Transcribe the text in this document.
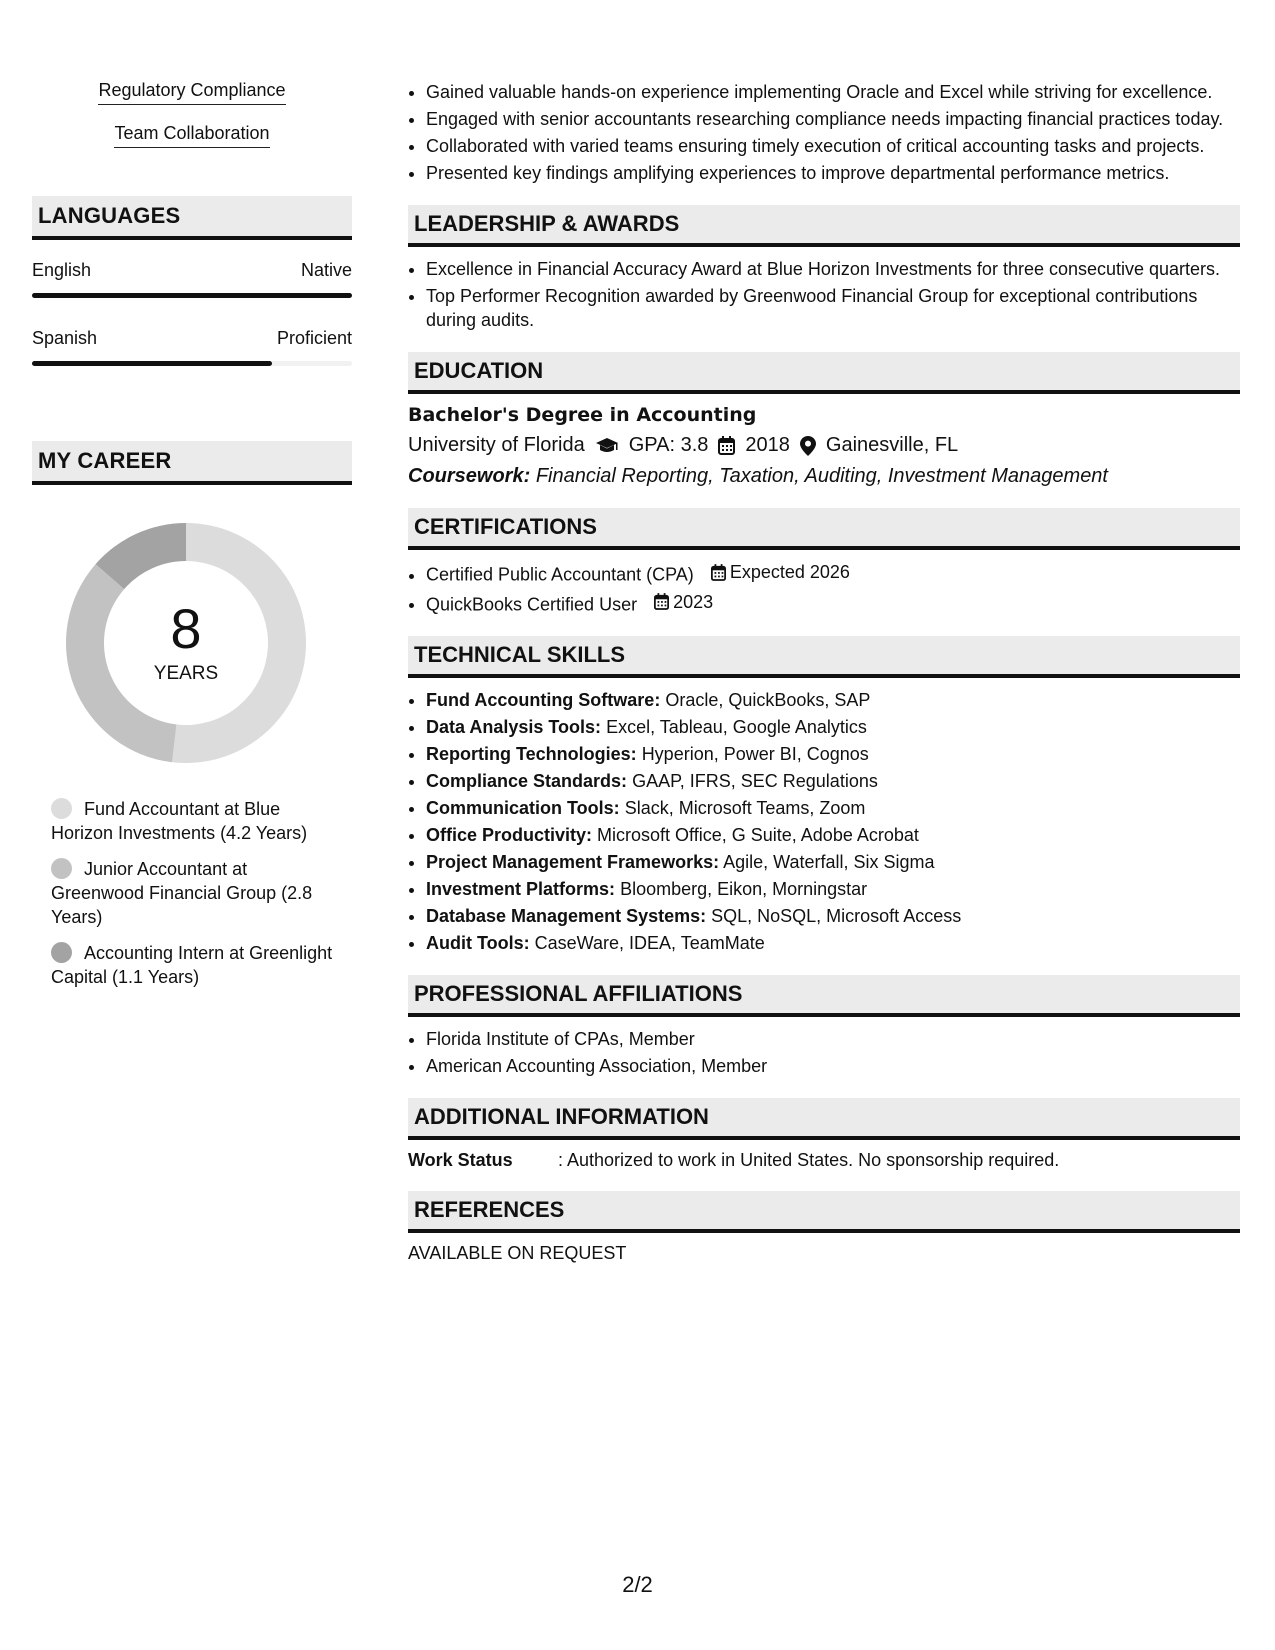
Regulatory Compliance
Team Collaboration
LANGUAGES
English	Native
Spanish	Proficient
MY CAREER
8
YEARS
Fund Accountant at Blue Horizon Investments (4.2 Years)
Junior Accountant at Greenwood Financial Group (2.8 Years)
Accounting Intern at Greenlight Capital (1.1 Years)
• Gained valuable hands-on experience implementing Oracle and Excel while striving for excellence.
• Engaged with senior accountants researching compliance needs impacting financial practices today.
• Collaborated with varied teams ensuring timely execution of critical accounting tasks and projects.
• Presented key findings amplifying experiences to improve departmental performance metrics.
LEADERSHIP & AWARDS
• Excellence in Financial Accuracy Award at Blue Horizon Investments for three consecutive quarters.
• Top Performer Recognition awarded by Greenwood Financial Group for exceptional contributions during audits.
EDUCATION
Bachelor's Degree in Accounting
University of Florida GPA: 3.8 2018 Gainesville, FL
Coursework: Financial Reporting, Taxation, Auditing, Investment Management
CERTIFICATIONS
• Certified Public Accountant (CPA) Expected 2026
• QuickBooks Certified User 2023
TECHNICAL SKILLS
• Fund Accounting Software: Oracle, QuickBooks, SAP
• Data Analysis Tools: Excel, Tableau, Google Analytics
• Reporting Technologies: Hyperion, Power BI, Cognos
• Compliance Standards: GAAP, IFRS, SEC Regulations
• Communication Tools: Slack, Microsoft Teams, Zoom
• Office Productivity: Microsoft Office, G Suite, Adobe Acrobat
• Project Management Frameworks: Agile, Waterfall, Six Sigma
• Investment Platforms: Bloomberg, Eikon, Morningstar
• Database Management Systems: SQL, NoSQL, Microsoft Access
• Audit Tools: CaseWare, IDEA, TeamMate
PROFESSIONAL AFFILIATIONS
• Florida Institute of CPAs, Member
• American Accounting Association, Member
ADDITIONAL INFORMATION
Work Status	: Authorized to work in United States. No sponsorship required.
REFERENCES
AVAILABLE ON REQUEST
2/2
